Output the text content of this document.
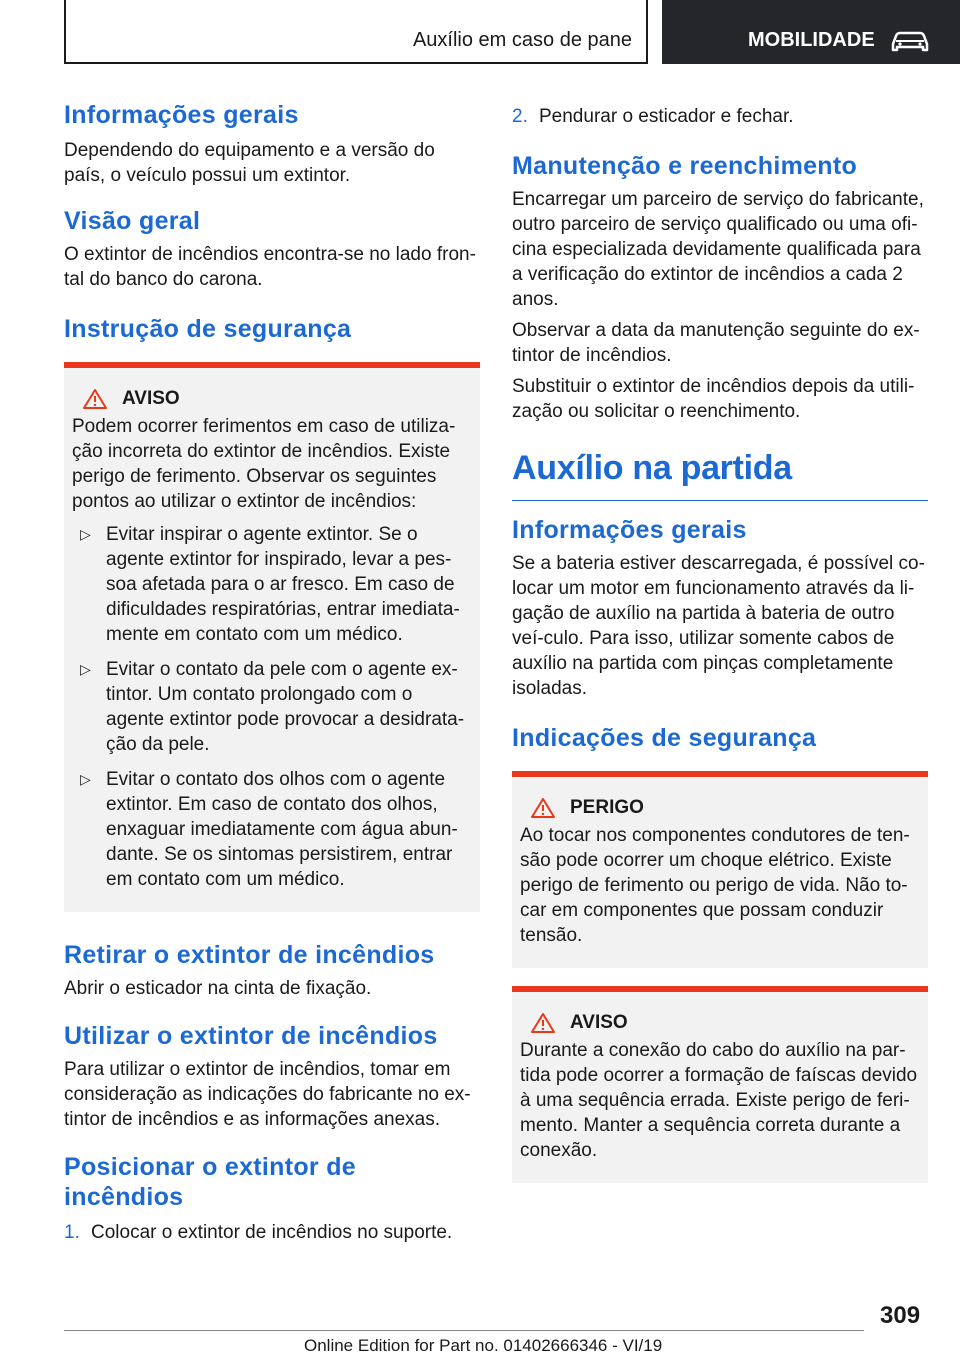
Auxílio em caso de pane	MOBILIDADE
Informações gerais

Dependendo do equipamento e a versão do país, o veículo possui um extintor.

Visão geral

O extintor de incêndios encontra-se no lado fron-tal do banco do carona.

Instrução de segurança
AVISO

Podem ocorrer ferimentos em caso de utiliza-ção incorreta do extintor de incêndios. Existe perigo de ferimento. Observar os seguintes pontos ao utilizar o extintor de incêndios:

▷ Evitar inspirar o agente extintor. Se o agente extintor for inspirado, levar a pes-soa afetada para o ar fresco. Em caso de dificuldades respiratórias, entrar imediata-mente em contato com um médico.
▷ Evitar o contato da pele com o agente ex-tintor. Um contato prolongado com o agente extintor pode provocar a desidrata-ção da pele.
▷ Evitar o contato dos olhos com o agente extintor. Em caso de contato dos olhos, enxaguar imediatamente com água abun-dante. Se os sintomas persistirem, entrar em contato com um médico.
Retirar o extintor de incêndios

Abrir o esticador na cinta de fixação.

Utilizar o extintor de incêndios

Para utilizar o extintor de incêndios, tomar em consideração as indicações do fabricante no ex-tintor de incêndios e as informações anexas.

Posicionar o extintor de incêndios
1. Colocar o extintor de incêndios no suporte.
2. Pendurar o esticador e fechar.
Manutenção e reenchimento

Encarregar um parceiro de serviço do fabricante, outro parceiro de serviço qualificado ou uma ofi-cina especializada devidamente qualificada para a verificação do extintor de incêndios a cada 2 anos.

Observar a data da manutenção seguinte do ex-tintor de incêndios.

Substituir o extintor de incêndios depois da utili-zação ou solicitar o reenchimento.

Auxílio na partida
Informações gerais

Se a bateria estiver descarregada, é possível co-locar um motor em funcionamento através da li-gação de auxílio na partida à bateria de outro veí-culo. Para isso, utilizar somente cabos de auxílio na partida com pinças completamente isoladas.

Indicações de segurança
PERIGO

Ao tocar nos componentes condutores de ten-são pode ocorrer um choque elétrico. Existe perigo de ferimento ou perigo de vida. Não to-car em componentes que possam conduzir tensão.

AVISO

Durante a conexão do cabo do auxílio na par-tida pode ocorrer a formação de faíscas devido à uma sequência errada. Existe perigo de feri-mento. Manter a sequência correta durante a conexão.

309
Online Edition for Part no. 01402666346 - VI/19
